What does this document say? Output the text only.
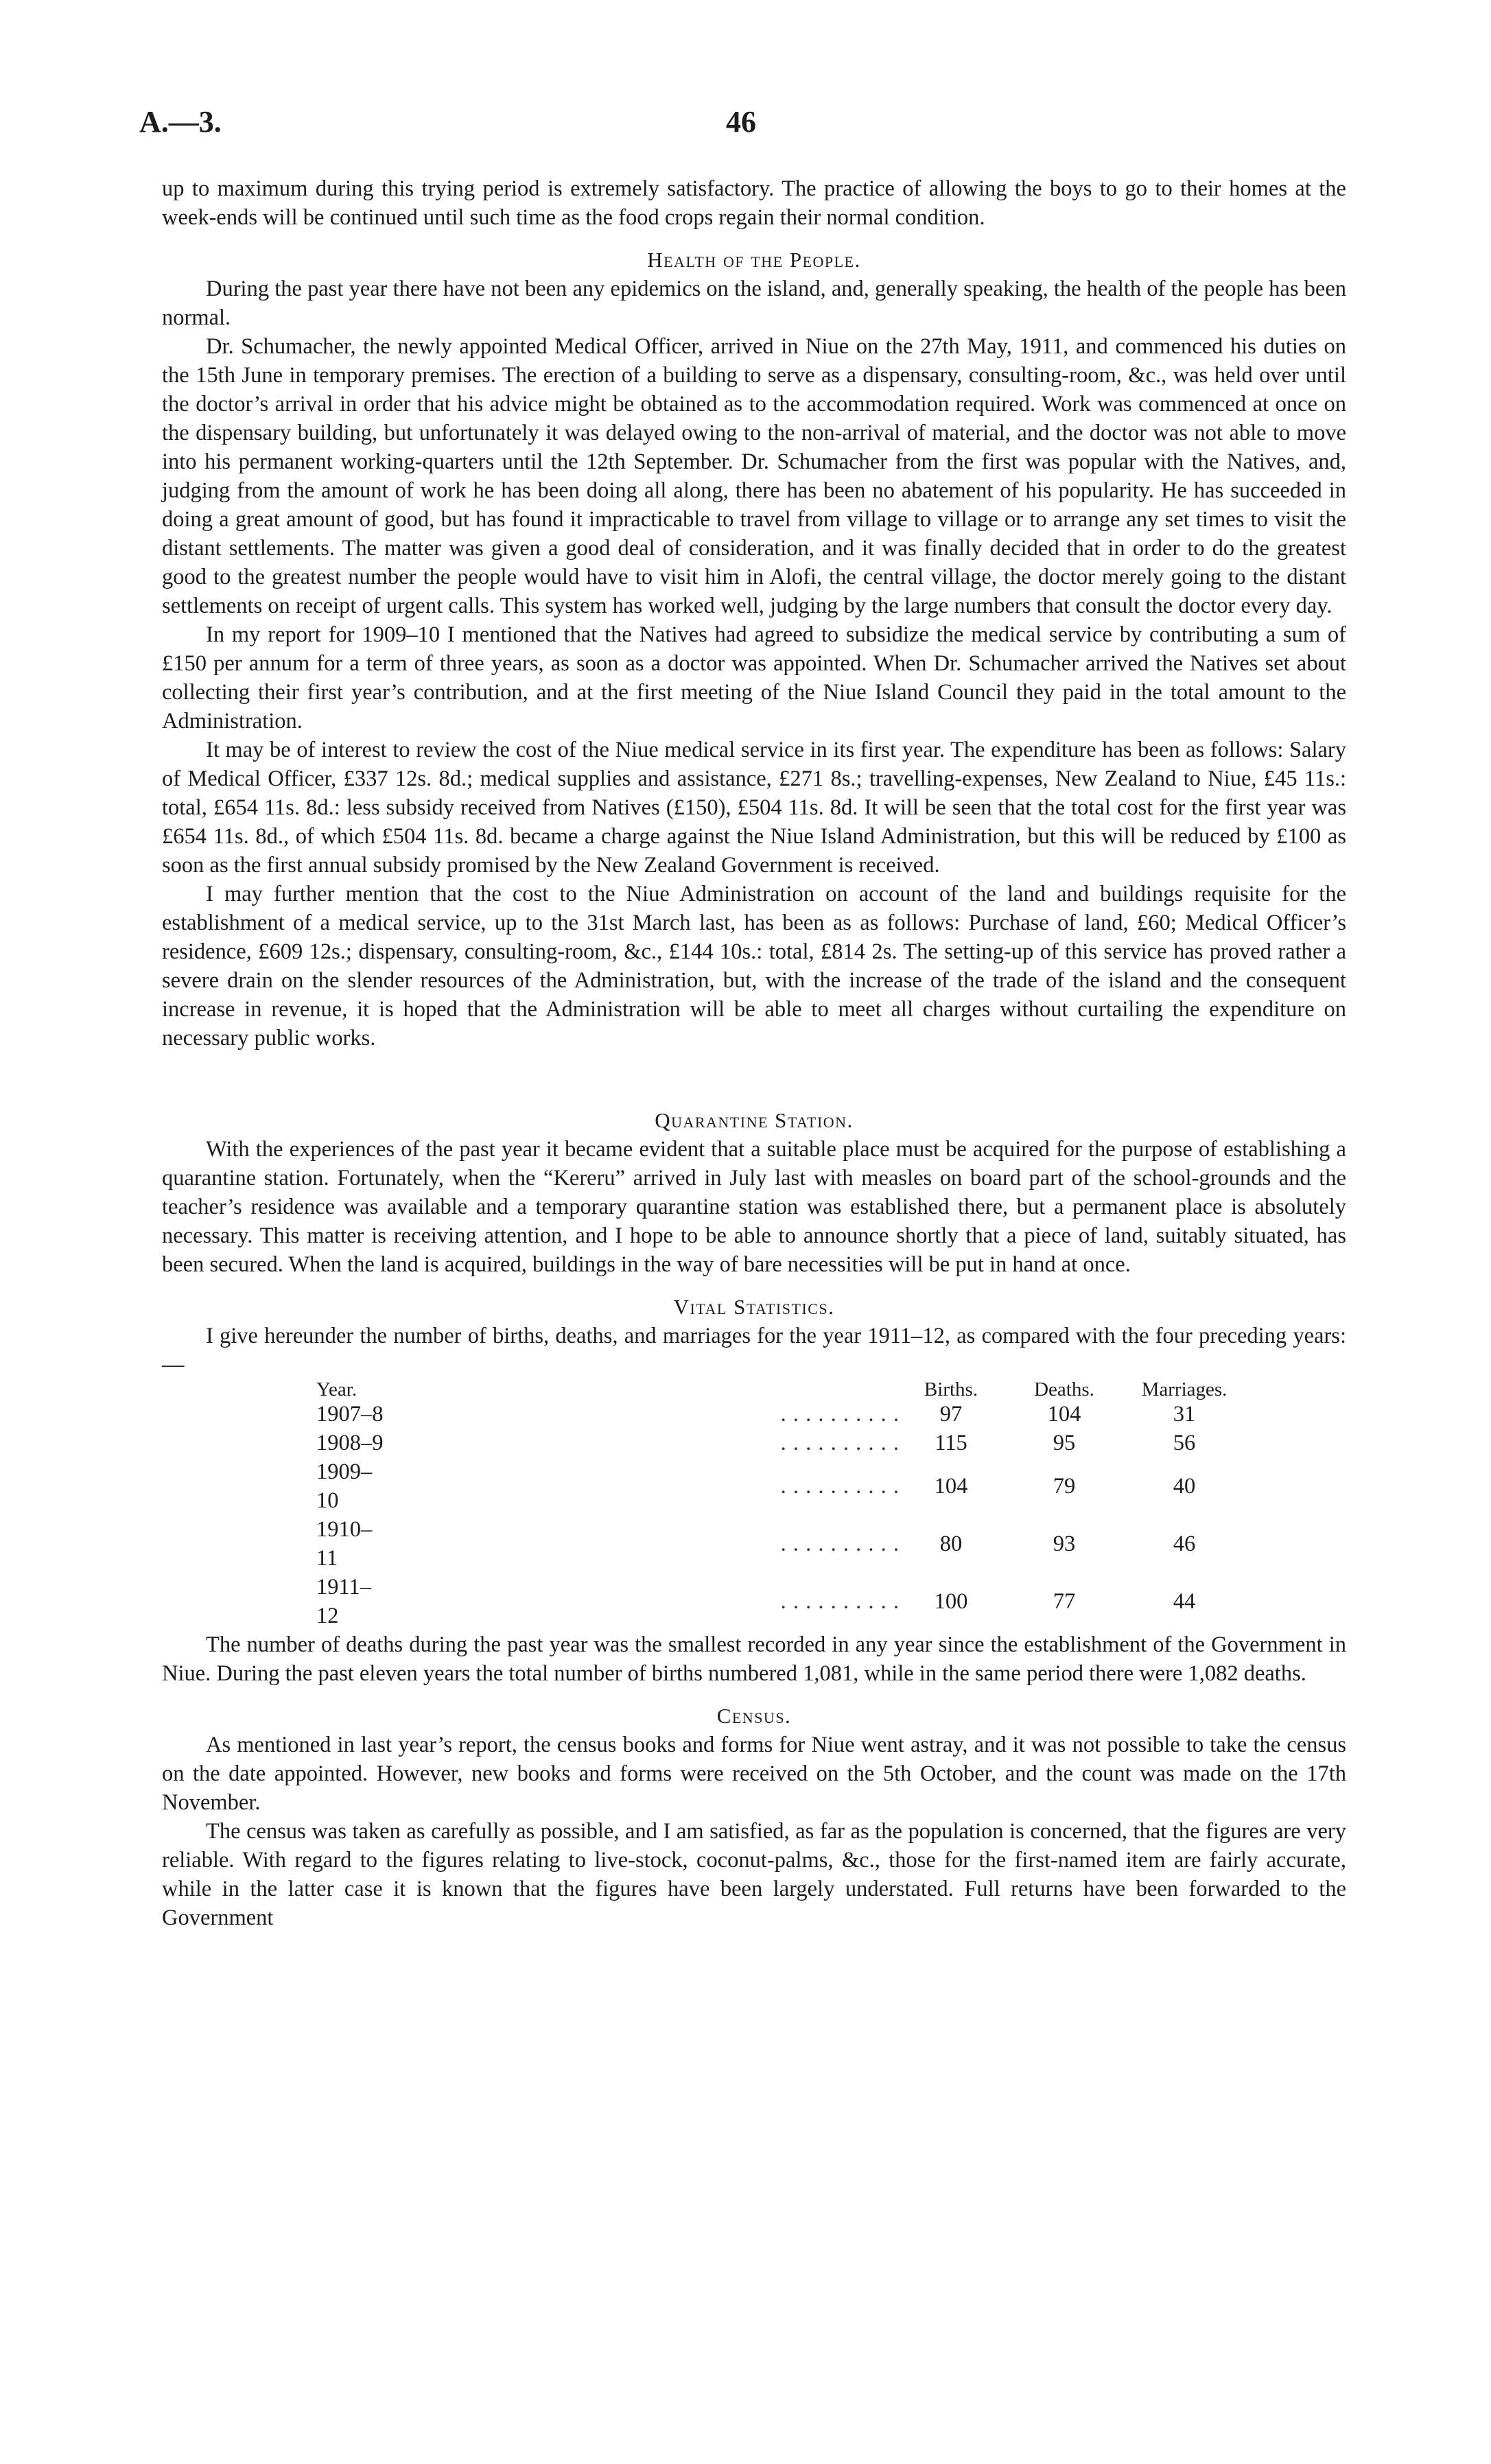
A.—3.	46

up to maximum during this trying period is extremely satisfactory. The practice of allowing the boys to go to their homes at the week-ends will be continued until such time as the food crops regain their normal condition.

Health of the People.

During the past year there have not been any epidemics on the island, and, generally speaking, the health of the people has been normal.

Dr. Schumacher, the newly appointed Medical Officer, arrived in Niue on the 27th May, 1911, and commenced his duties on the 15th June in temporary premises. The erection of a building to serve as a dispensary, consulting-room, &c., was held over until the doctor’s arrival in order that his advice might be obtained as to the accommodation required. Work was commenced at once on the dispensary building, but unfortunately it was delayed owing to the non-arrival of material, and the doctor was not able to move into his permanent working-quarters until the 12th September. Dr. Schumacher from the first was popular with the Natives, and, judging from the amount of work he has been doing all along, there has been no abatement of his popularity. He has succeeded in doing a great amount of good, but has found it impracticable to travel from village to village or to arrange any set times to visit the distant settlements. The matter was given a good deal of consideration, and it was finally decided that in order to do the greatest good to the greatest number the people would have to visit him in Alofi, the central village, the doctor merely going to the distant settlements on receipt of urgent calls. This system has worked well, judging by the large numbers that consult the doctor every day.

In my report for 1909–10 I mentioned that the Natives had agreed to subsidize the medical service by contributing a sum of £150 per annum for a term of three years, as soon as a doctor was appointed. When Dr. Schumacher arrived the Natives set about collecting their first year’s contribution, and at the first meeting of the Niue Island Council they paid in the total amount to the Administration.

It may be of interest to review the cost of the Niue medical service in its first year. The expenditure has been as follows: Salary of Medical Officer, £337 12s. 8d.; medical supplies and assistance, £271 8s.; travelling-expenses, New Zealand to Niue, £45 11s.: total, £654 11s. 8d.: less subsidy received from Natives (£150), £504 11s. 8d. It will be seen that the total cost for the first year was £654 11s. 8d., of which £504 11s. 8d. became a charge against the Niue Island Administration, but this will be reduced by £100 as soon as the first annual subsidy promised by the New Zealand Government is received.

I may further mention that the cost to the Niue Administration on account of the land and buildings requisite for the establishment of a medical service, up to the 31st March last, has been as as follows: Purchase of land, £60; Medical Officer’s residence, £609 12s.; dispensary, consulting-room, &c., £144 10s.: total, £814 2s. The setting-up of this service has proved rather a severe drain on the slender resources of the Administration, but, with the increase of the trade of the island and the consequent increase in revenue, it is hoped that the Administration will be able to meet all charges without curtailing the expenditure on necessary public works.

Quarantine Station.

With the experiences of the past year it became evident that a suitable place must be acquired for the purpose of establishing a quarantine station. Fortunately, when the “Kereru” arrived in July last with measles on board part of the school-grounds and the teacher’s residence was available and a temporary quarantine station was established there, but a permanent place is absolutely necessary. This matter is receiving attention, and I hope to be able to announce shortly that a piece of land, suitably situated, has been secured. When the land is acquired, buildings in the way of bare necessities will be put in hand at once.

Vital Statistics.

I give hereunder the number of births, deaths, and marriages for the year 1911–12, as compared with the four preceding years:—

Year.		Births.	Deaths.	Marriages.
1907–8	. . . . . . . . . .	97	104	31
1908–9	. . . . . . . . . .	115	95	56
1909–10	. . . . . . . . . .	104	79	40
1910–11	. . . . . . . . . .	80	93	46
1911–12	. . . . . . . . . .	100	77	44

The number of deaths during the past year was the smallest recorded in any year since the establishment of the Government in Niue. During the past eleven years the total number of births numbered 1,081, while in the same period there were 1,082 deaths.

Census.

As mentioned in last year’s report, the census books and forms for Niue went astray, and it was not possible to take the census on the date appointed. However, new books and forms were received on the 5th October, and the count was made on the 17th November.

The census was taken as carefully as possible, and I am satisfied, as far as the population is concerned, that the figures are very reliable. With regard to the figures relating to live-stock, coconut-palms, &c., those for the first-named item are fairly accurate, while in the latter case it is known that the figures have been largely understated. Full returns have been forwarded to the Government
